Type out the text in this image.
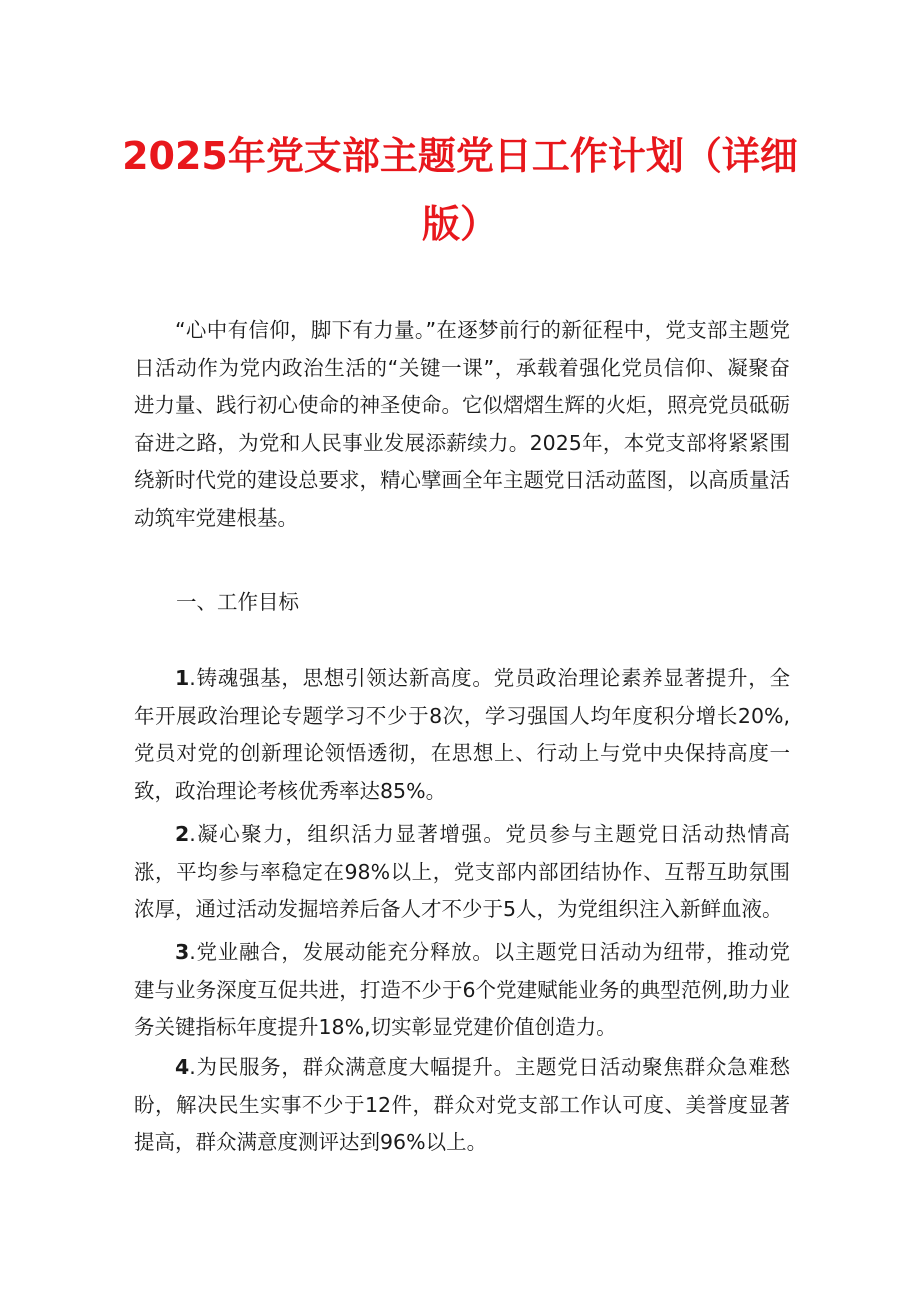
2025年党支部主题党日工作计划（详细版）

“心中有信仰，脚下有力量。”在逐梦前行的新征程中，党支部主题党日活动作为党内政治生活的“关键一课”，承载着强化党员信仰、凝聚奋进力量、践行初心使命的神圣使命。它似熠熠生辉的火炬，照亮党员砥砺奋进之路，为党和人民事业发展添薪续力。2025年，本党支部将紧紧围绕新时代党的建设总要求，精心擘画全年主题党日活动蓝图，以高质量活动筑牢党建根基。

一、工作目标

1.铸魂强基，思想引领达新高度。党员政治理论素养显著提升，全年开展政治理论专题学习不少于8次，学习强国人均年度积分增长20%,党员对党的创新理论领悟透彻，在思想上、行动上与党中央保持高度一致，政治理论考核优秀率达85%。

2.凝心聚力，组织活力显著增强。党员参与主题党日活动热情高涨，平均参与率稳定在98%以上，党支部内部团结协作、互帮互助氛围浓厚，通过活动发掘培养后备人才不少于5人，为党组织注入新鲜血液。

3.党业融合，发展动能充分释放。以主题党日活动为纽带，推动党建与业务深度互促共进，打造不少于6个党建赋能业务的典型范例,助力业务关键指标年度提升18%,切实彰显党建价值创造力。

4.为民服务，群众满意度大幅提升。主题党日活动聚焦群众急难愁盼，解决民生实事不少于12件，群众对党支部工作认可度、美誉度显著提高，群众满意度测评达到96%以上。
